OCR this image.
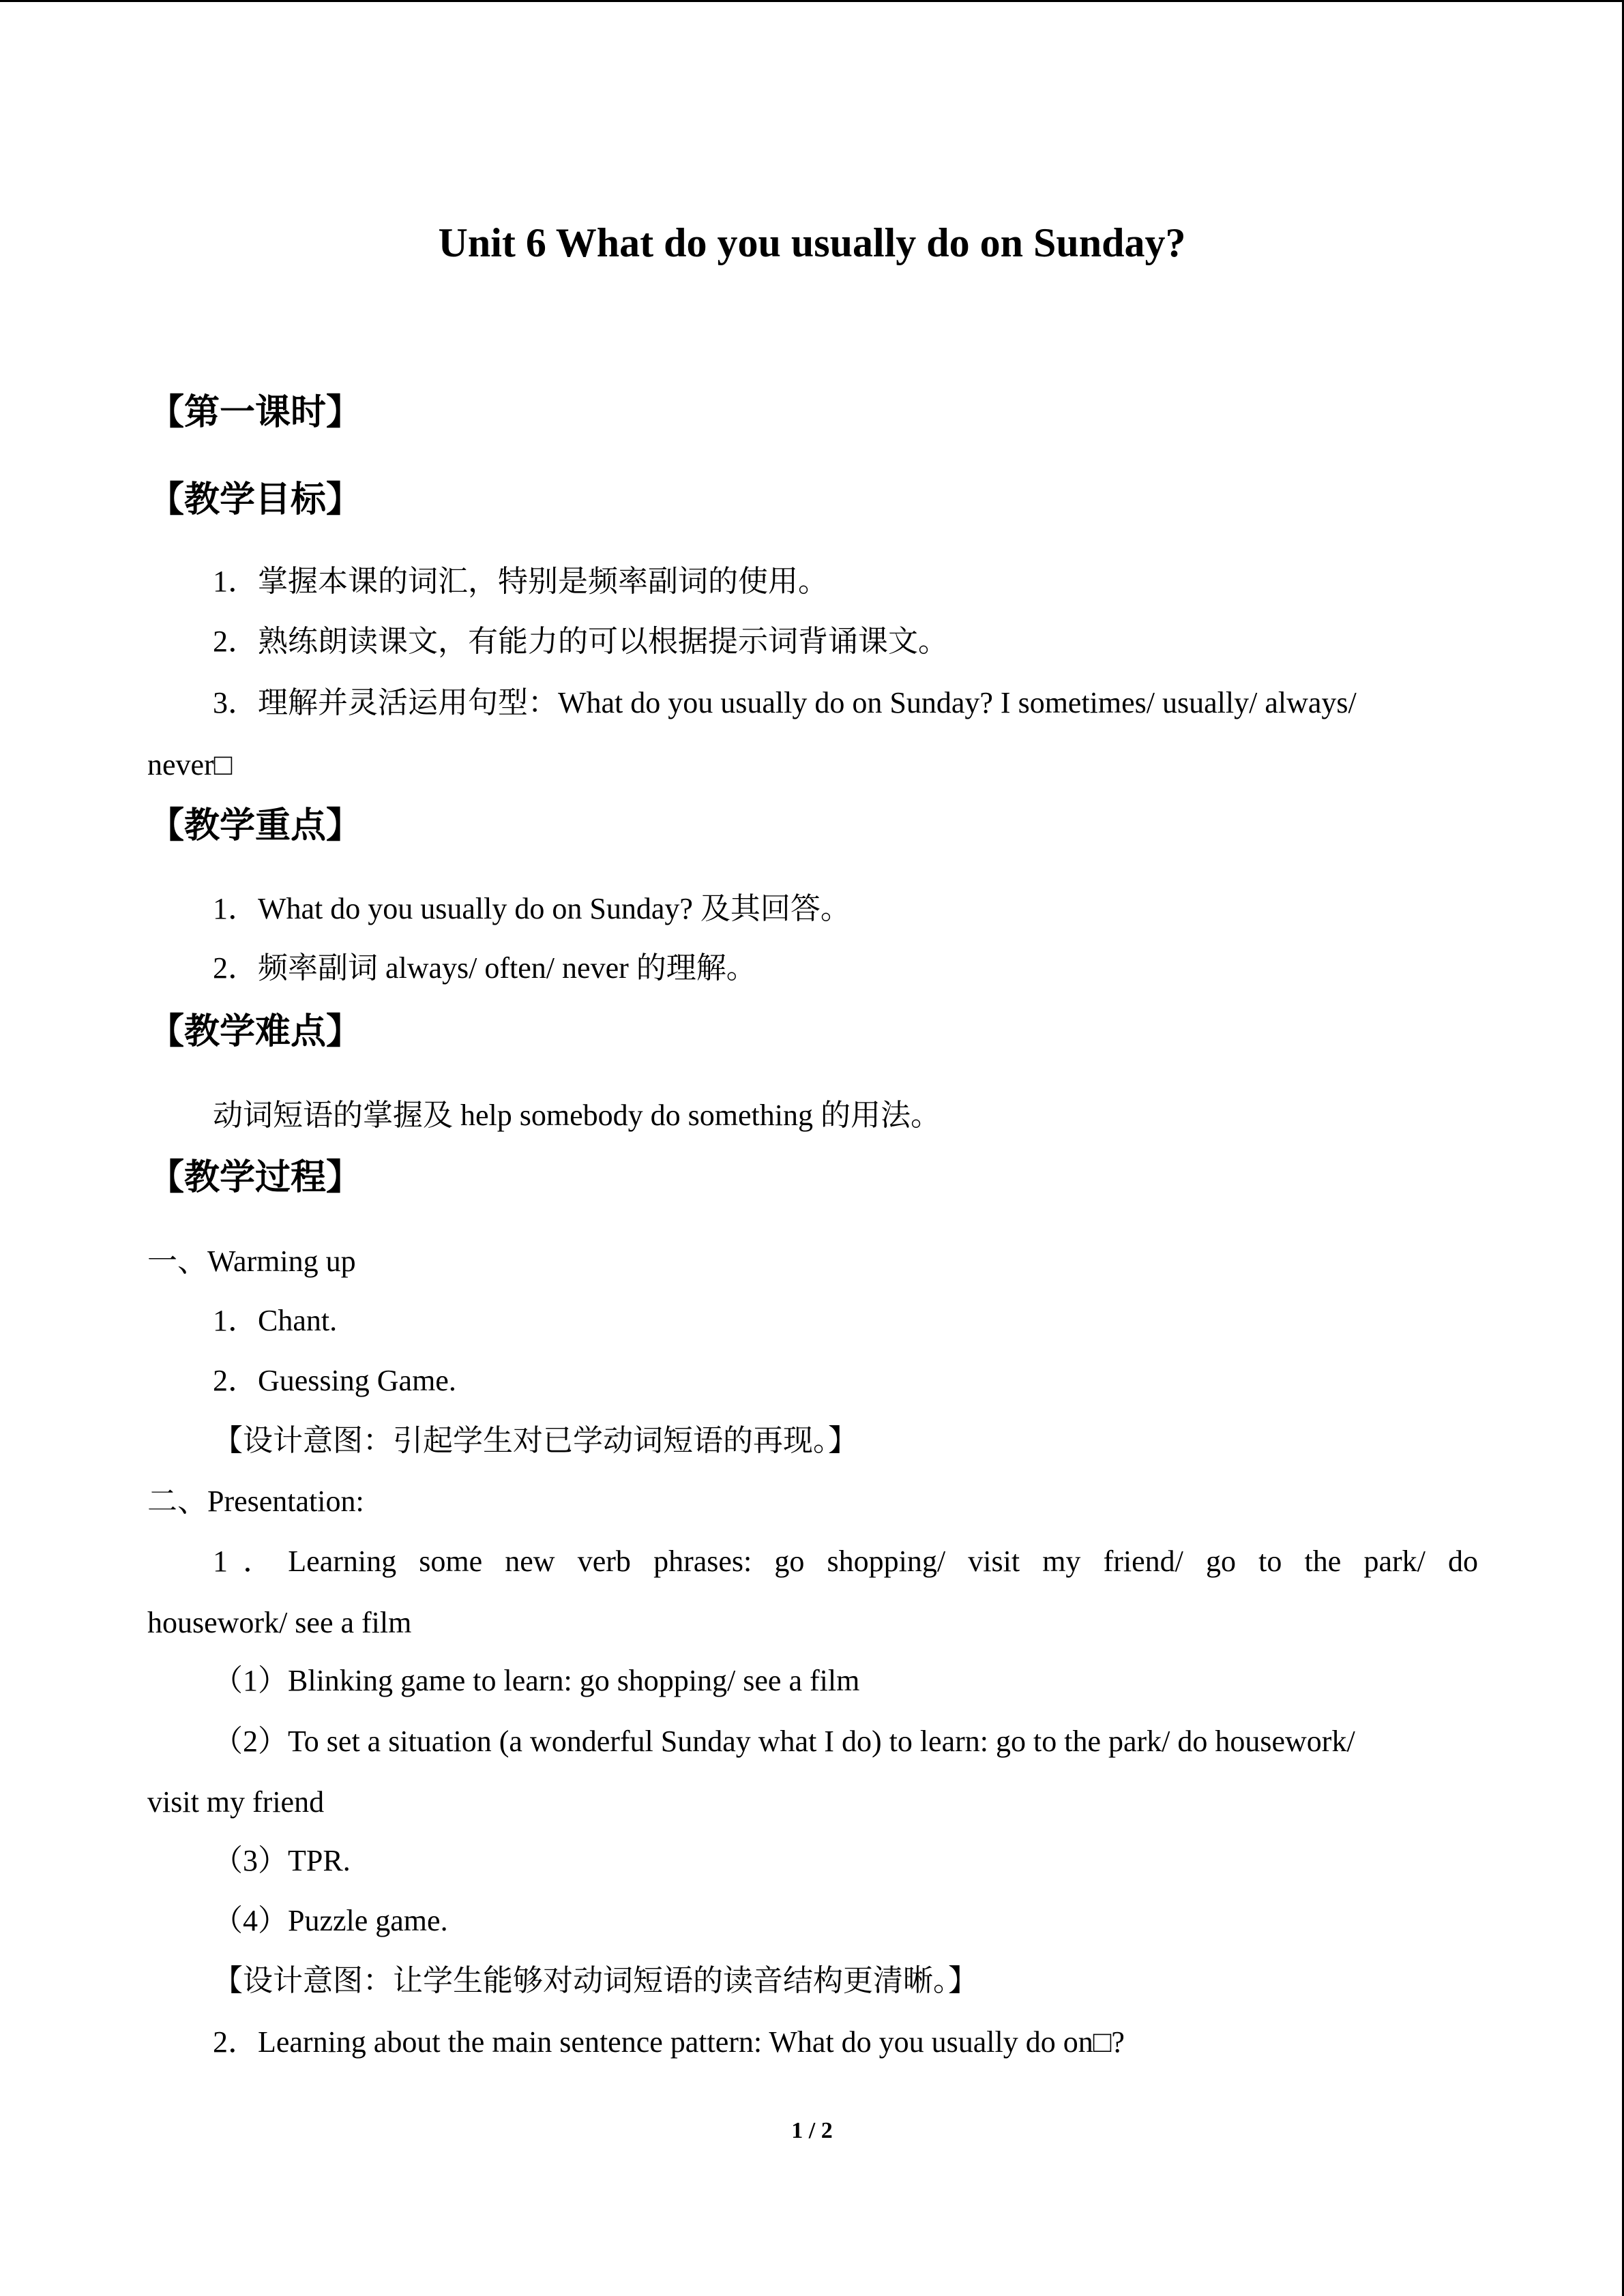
Unit 6 What do you usually do on Sunday?
【第一课时】
【教学目标】
1．掌握本课的词汇，特别是频率副词的使用。
2．熟练朗读课文，有能力的可以根据提示词背诵课文。
3．理解并灵活运用句型：What do you usually do on Sunday? I sometimes/ usually/ always/
never□
【教学重点】
1．What do you usually do on Sunday? 及其回答。
2．频率副词 always/ often/ never 的理解。
【教学难点】
动词短语的掌握及 help somebody do something 的用法。
【教学过程】
一、Warming up
1．Chant.
2．Guessing Game.
【设计意图：引起学生对已学动词短语的再现。】
二、Presentation:
1．Learning some new verb phrases: go shopping/ visit my friend/ go to the park/ do
housework/ see a film
（1）Blinking game to learn: go shopping/ see a film
（2）To set a situation (a wonderful Sunday what I do) to learn: go to the park/ do housework/
visit my friend
（3）TPR.
（4）Puzzle game.
【设计意图：让学生能够对动词短语的读音结构更清晰。】
2．Learning about the main sentence pattern: What do you usually do on□?
1 / 2
